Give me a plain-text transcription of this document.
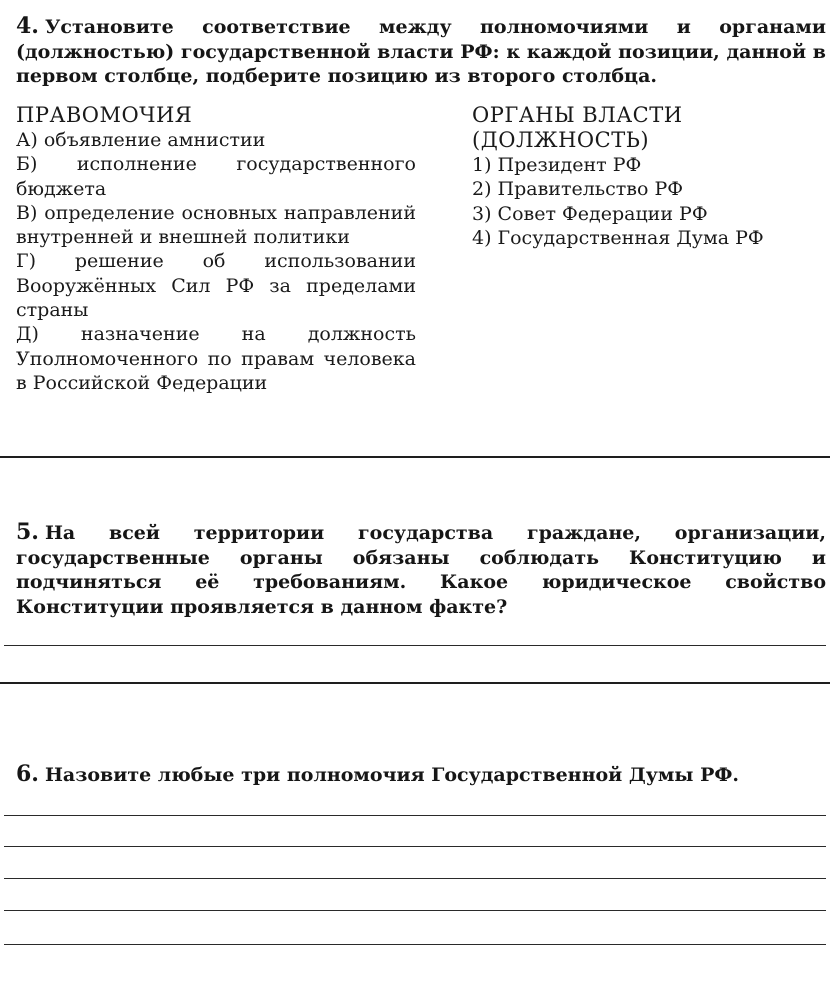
4. Установите соответствие между полномочиями и органами (должностью) государственной власти РФ: к каждой позиции, данной в первом столбце, подберите позицию из второго столбца.
ПРАВОМОЧИЯ
А) объявление амнистии
Б) исполнение государственного бюджета
В) определение основных направлений внутренней и внешней политики
Г) решение об использовании Вооружённых Сил РФ за пределами страны
Д) назначение на должность Уполномоченного по правам человека в Российской Федерации
ОРГАНЫ ВЛАСТИ (ДОЛЖНОСТЬ)
1) Президент РФ
2) Правительство РФ
3) Совет Федерации РФ
4) Государственная Дума РФ
5. На всей территории государства граждане, организации, государственные органы обязаны соблюдать Конституцию и подчиняться её требованиям. Какое юридическое свойство Конституции проявляется в данном факте?
6. Назовите любые три полномочия Государственной Думы РФ.
